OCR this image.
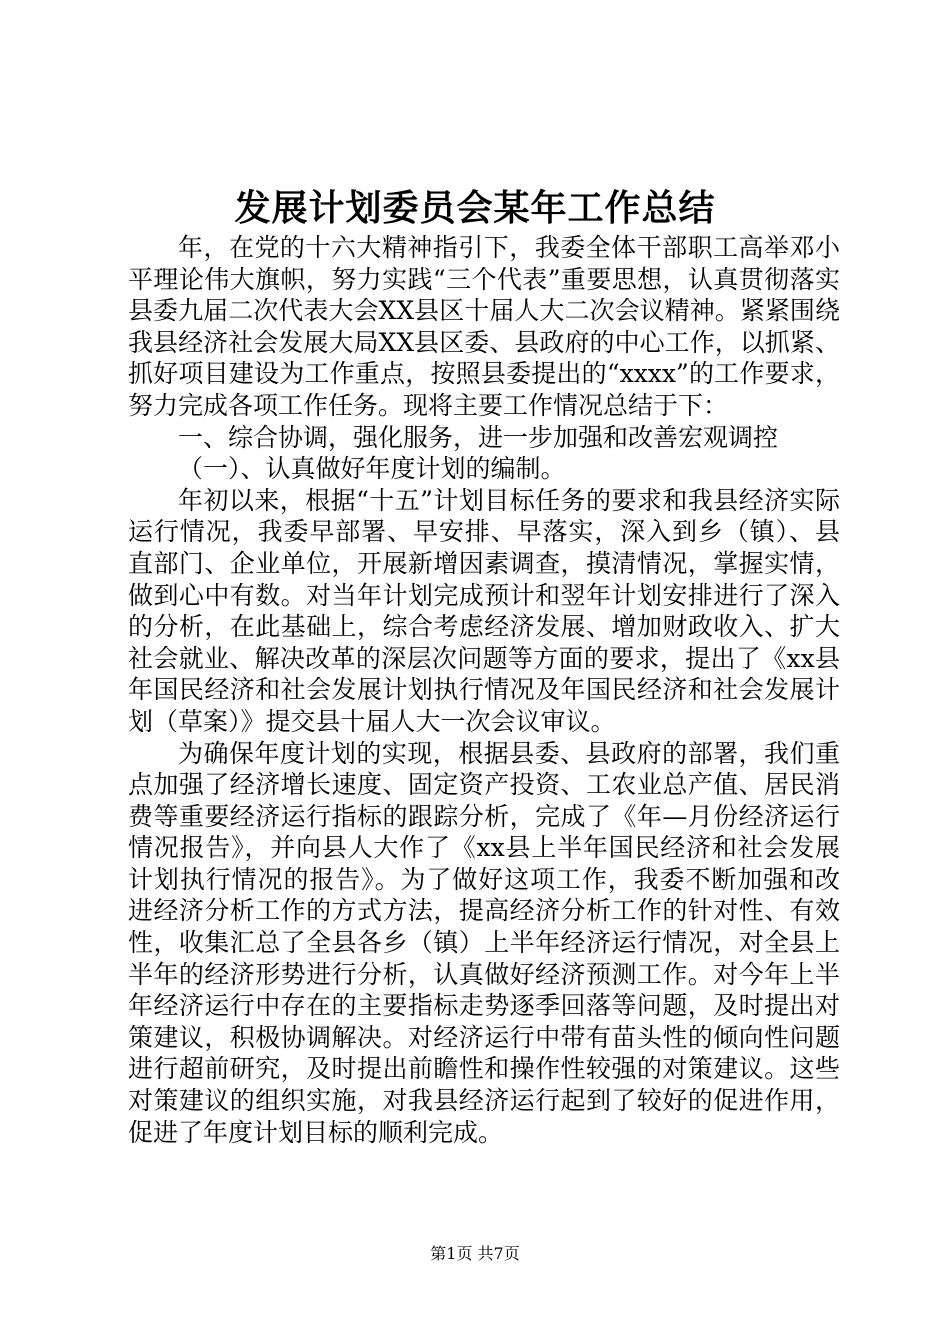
发展计划委员会某年工作总结

年，在党的十六大精神指引下，我委全体干部职工高举邓小平理论伟大旗帜，努力实践“三个代表”重要思想，认真贯彻落实县委九届二次代表大会XX县区十届人大二次会议精神。紧紧围绕我县经济社会发展大局XX县区委、县政府的中心工作，以抓紧、抓好项目建设为工作重点，按照县委提出的“xxxx”的工作要求，努力完成各项工作任务。现将主要工作情况总结于下：

一、综合协调，强化服务，进一步加强和改善宏观调控

（一）、认真做好年度计划的编制。

年初以来，根据“十五”计划目标任务的要求和我县经济实际运行情况，我委早部署、早安排、早落实，深入到乡（镇）、县直部门、企业单位，开展新增因素调查，摸清情况，掌握实情，做到心中有数。对当年计划完成预计和翌年计划安排进行了深入的分析，在此基础上，综合考虑经济发展、增加财政收入、扩大社会就业、解决改革的深层次问题等方面的要求，提出了《xx县年国民经济和社会发展计划执行情况及年国民经济和社会发展计划（草案）》提交县十届人大一次会议审议。

为确保年度计划的实现，根据县委、县政府的部署，我们重点加强了经济增长速度、固定资产投资、工农业总产值、居民消费等重要经济运行指标的跟踪分析，完成了《年—月份经济运行情况报告》，并向县人大作了《xx县上半年国民经济和社会发展计划执行情况的报告》。为了做好这项工作，我委不断加强和改进经济分析工作的方式方法，提高经济分析工作的针对性、有效性，收集汇总了全县各乡（镇）上半年经济运行情况，对全县上半年的经济形势进行分析，认真做好经济预测工作。对今年上半年经济运行中存在的主要指标走势逐季回落等问题，及时提出对策建议，积极协调解决。对经济运行中带有苗头性的倾向性问题进行超前研究，及时提出前瞻性和操作性较强的对策建议。这些对策建议的组织实施，对我县经济运行起到了较好的促进作用，促进了年度计划目标的顺利完成。

第1页 共7页
